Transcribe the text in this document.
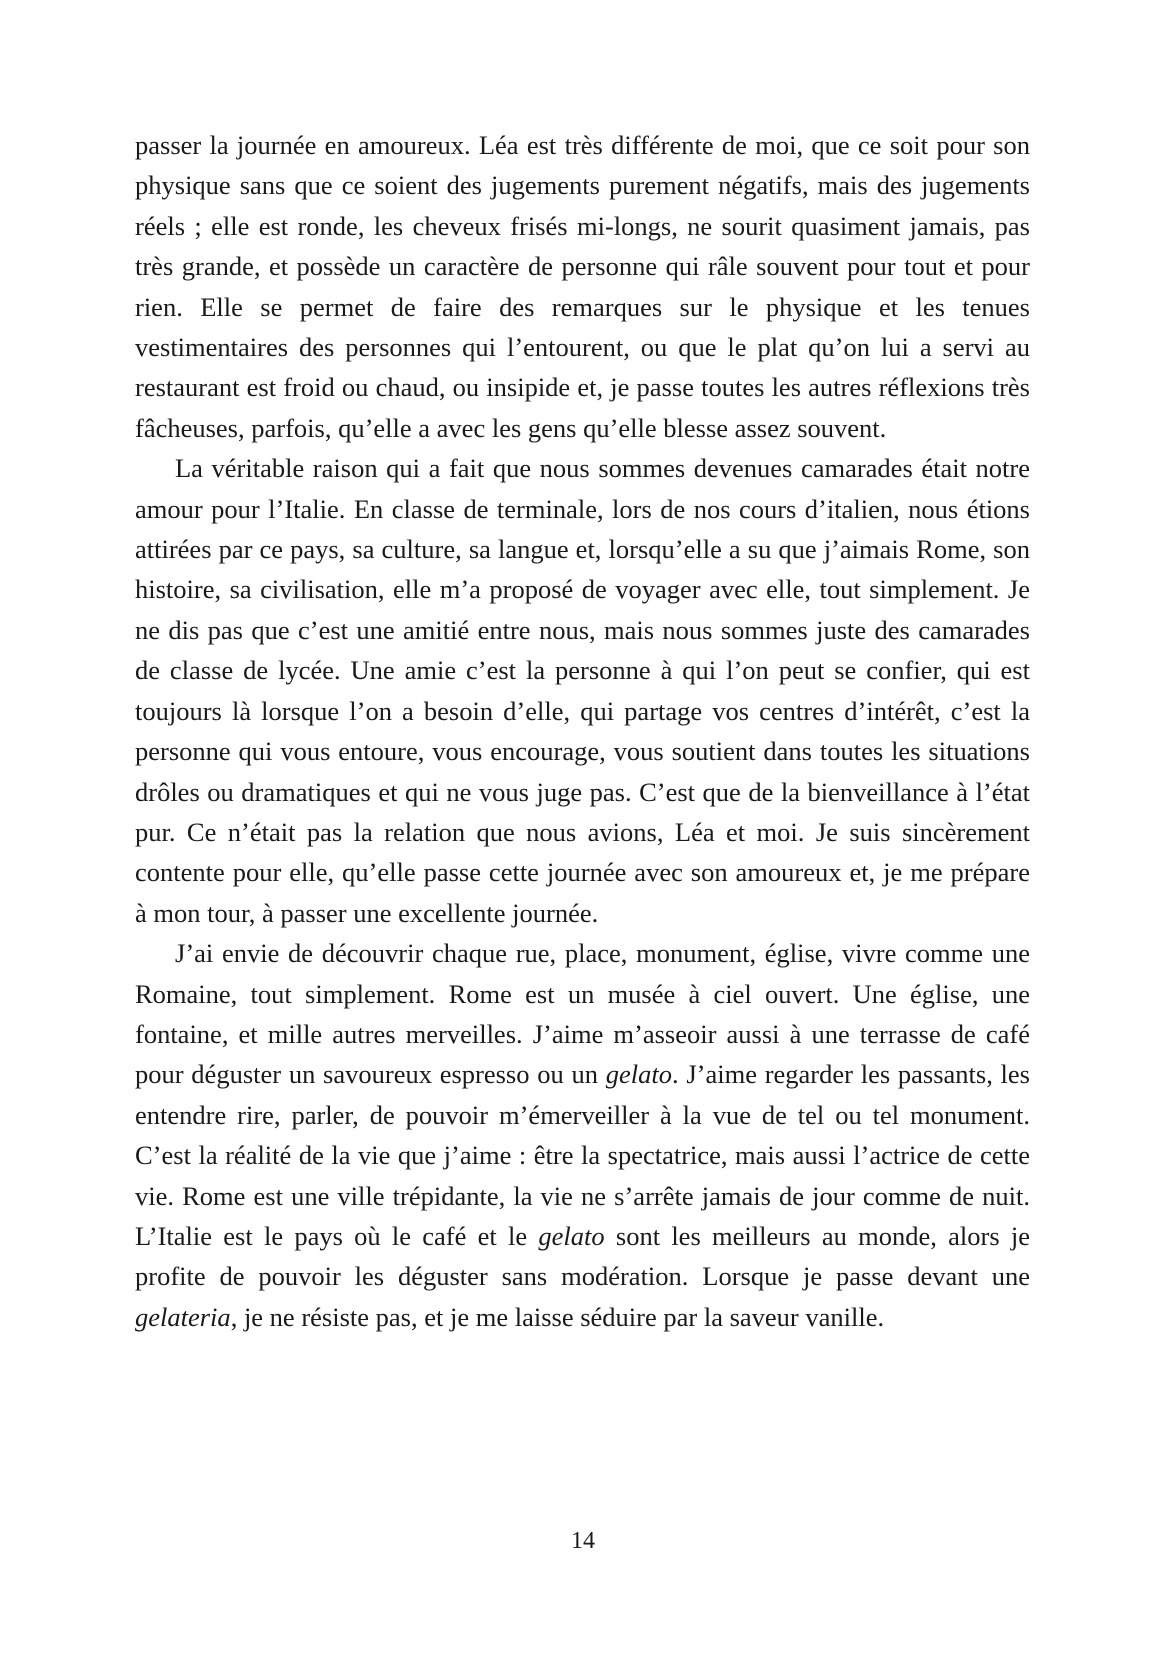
passer la journée en amoureux. Léa est très différente de moi, que ce soit pour son physique sans que ce soient des jugements purement négatifs, mais des jugements réels ; elle est ronde, les cheveux frisés mi-longs, ne sourit quasiment jamais, pas très grande, et possède un caractère de personne qui râle souvent pour tout et pour rien. Elle se permet de faire des remarques sur le physique et les tenues vestimentaires des personnes qui l’entourent, ou que le plat qu’on lui a servi au restaurant est froid ou chaud, ou insipide et, je passe toutes les autres réflexions très fâcheuses, parfois, qu’elle a avec les gens qu’elle blesse assez souvent.

La véritable raison qui a fait que nous sommes devenues camarades était notre amour pour l’Italie. En classe de terminale, lors de nos cours d’italien, nous étions attirées par ce pays, sa culture, sa langue et, lorsqu’elle a su que j’aimais Rome, son histoire, sa civilisation, elle m’a proposé de voyager avec elle, tout simplement. Je ne dis pas que c’est une amitié entre nous, mais nous sommes juste des camarades de classe de lycée. Une amie c’est la personne à qui l’on peut se confier, qui est toujours là lorsque l’on a besoin d’elle, qui partage vos centres d’intérêt, c’est la personne qui vous entoure, vous encourage, vous soutient dans toutes les situations drôles ou dramatiques et qui ne vous juge pas. C’est que de la bienveillance à l’état pur. Ce n’était pas la relation que nous avions, Léa et moi. Je suis sincèrement contente pour elle, qu’elle passe cette journée avec son amoureux et, je me prépare à mon tour, à passer une excellente journée.

J’ai envie de découvrir chaque rue, place, monument, église, vivre comme une Romaine, tout simplement. Rome est un musée à ciel ouvert. Une église, une fontaine, et mille autres merveilles. J’aime m’asseoir aussi à une terrasse de café pour déguster un savoureux espresso ou un gelato. J’aime regarder les passants, les entendre rire, parler, de pouvoir m’émerveiller à la vue de tel ou tel monument. C’est la réalité de la vie que j’aime : être la spectatrice, mais aussi l’actrice de cette vie. Rome est une ville trépidante, la vie ne s’arrête jamais de jour comme de nuit. L’Italie est le pays où le café et le gelato sont les meilleurs au monde, alors je profite de pouvoir les déguster sans modération. Lorsque je passe devant une gelateria, je ne résiste pas, et je me laisse séduire par la saveur vanille.

14
